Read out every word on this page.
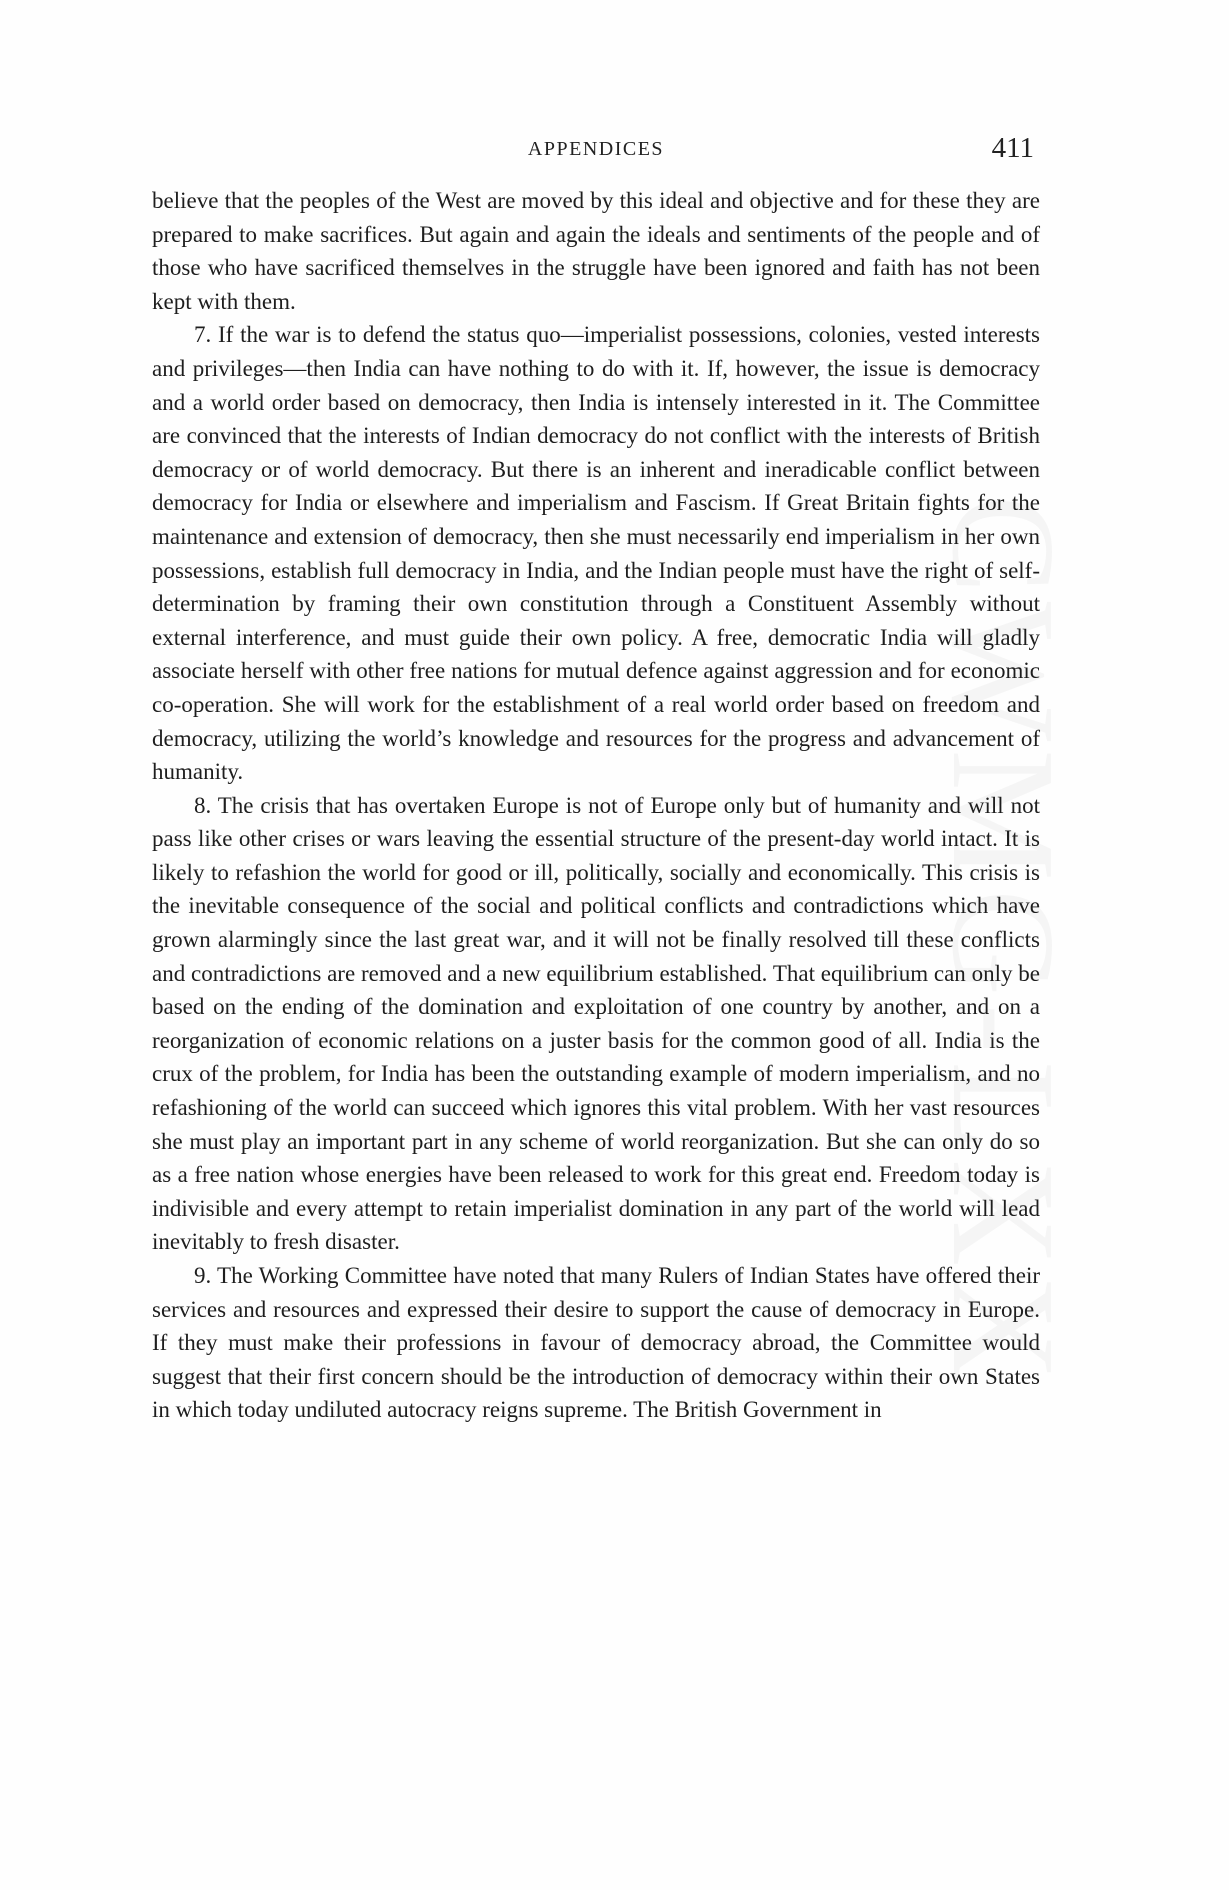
CWMG-LXX
APPENDICES	411

believe that the peoples of the West are moved by this ideal and objective and for these they are prepared to make sacrifices. But again and again the ideals and sentiments of the people and of those who have sacrificed themselves in the struggle have been ignored and faith has not been kept with them.

7. If the war is to defend the status quo—imperialist possessions, colonies, vested interests and privileges—then India can have nothing to do with it. If, however, the issue is democracy and a world order based on democracy, then India is intensely interested in it. The Committee are convinced that the interests of Indian democracy do not conflict with the interests of British democracy or of world democracy. But there is an inherent and ineradicable conflict between democracy for India or elsewhere and imperialism and Fascism. If Great Britain fights for the maintenance and extension of democracy, then she must necessarily end imperialism in her own possessions, establish full democracy in India, and the Indian people must have the right of self-determination by framing their own constitution through a Constituent Assembly without external interference, and must guide their own policy. A free, democratic India will gladly associate herself with other free nations for mutual defence against aggression and for economic co-operation. She will work for the establishment of a real world order based on freedom and democracy, utilizing the world’s knowledge and resources for the progress and advancement of humanity.

8. The crisis that has overtaken Europe is not of Europe only but of humanity and will not pass like other crises or wars leaving the essential structure of the present-day world intact. It is likely to refashion the world for good or ill, politically, socially and economically. This crisis is the inevitable consequence of the social and political conflicts and contradictions which have grown alarmingly since the last great war, and it will not be finally resolved till these conflicts and contradictions are removed and a new equilibrium established. That equilibrium can only be based on the ending of the domination and exploitation of one country by another, and on a reorganization of economic relations on a juster basis for the common good of all. India is the crux of the problem, for India has been the outstanding example of modern imperialism, and no refashioning of the world can succeed which ignores this vital problem. With her vast resources she must play an important part in any scheme of world reorganization. But she can only do so as a free nation whose energies have been released to work for this great end. Freedom today is indivisible and every attempt to retain imperialist domination in any part of the world will lead inevitably to fresh disaster.

9. The Working Committee have noted that many Rulers of Indian States have offered their services and resources and expressed their desire to support the cause of democracy in Europe. If they must make their professions in favour of democracy abroad, the Committee would suggest that their first concern should be the introduction of democracy within their own States in which today undiluted autocracy reigns supreme. The British Government in
